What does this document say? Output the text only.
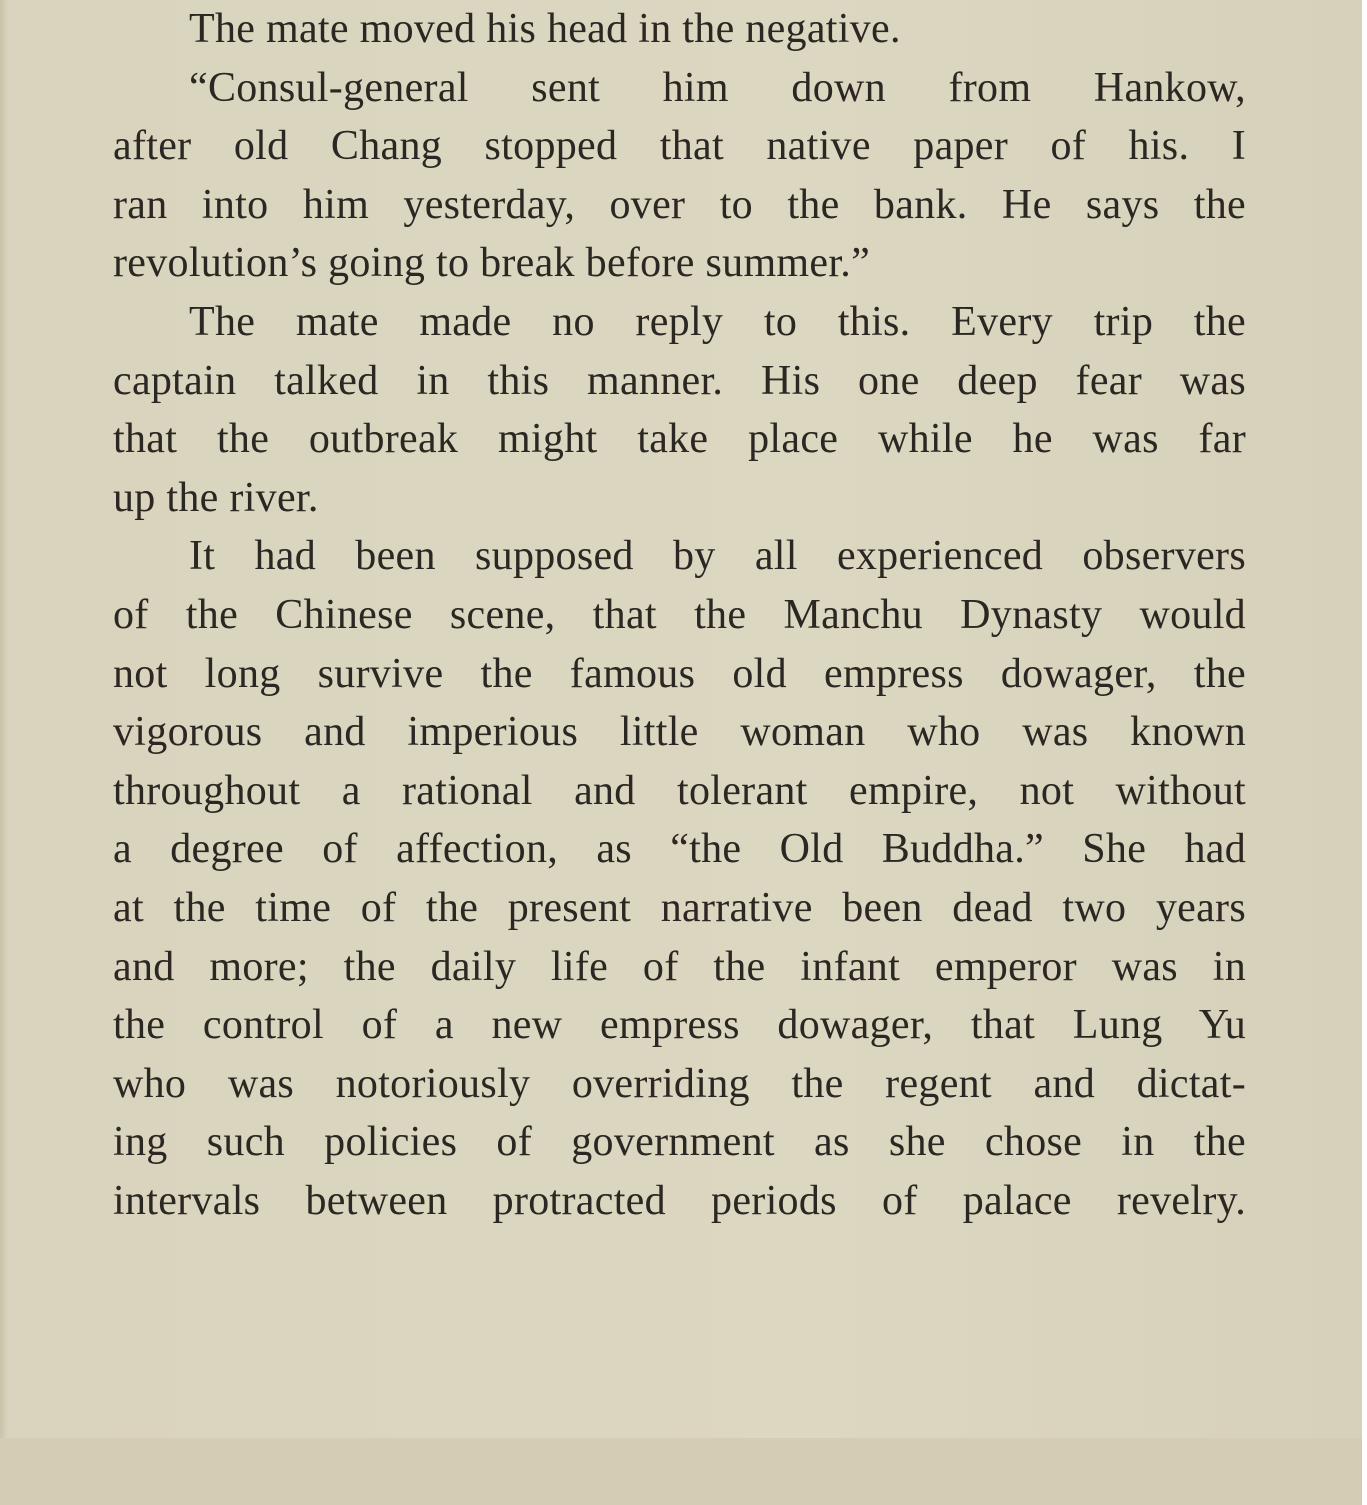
The mate moved his head in the negative.

“Consul-general sent him down from Hankow,
after old Chang stopped that native paper of his. I
ran into him yesterday, over to the bank. He says the
revolution’s going to break before summer.”

The mate made no reply to this. Every trip the
captain talked in this manner. His one deep fear was
that the outbreak might take place while he was far
up the river.

It had been supposed by all experienced observers
of the Chinese scene, that the Manchu Dynasty would
not long survive the famous old empress dowager, the
vigorous and imperious little woman who was known
throughout a rational and tolerant empire, not without
a degree of affection, as “the Old Buddha.” She had
at the time of the present narrative been dead two years
and more; the daily life of the infant emperor was in
the control of a new empress dowager, that Lung Yu
who was notoriously overriding the regent and dictat-
ing such policies of government as she chose in the
intervals between protracted periods of palace revelry.
